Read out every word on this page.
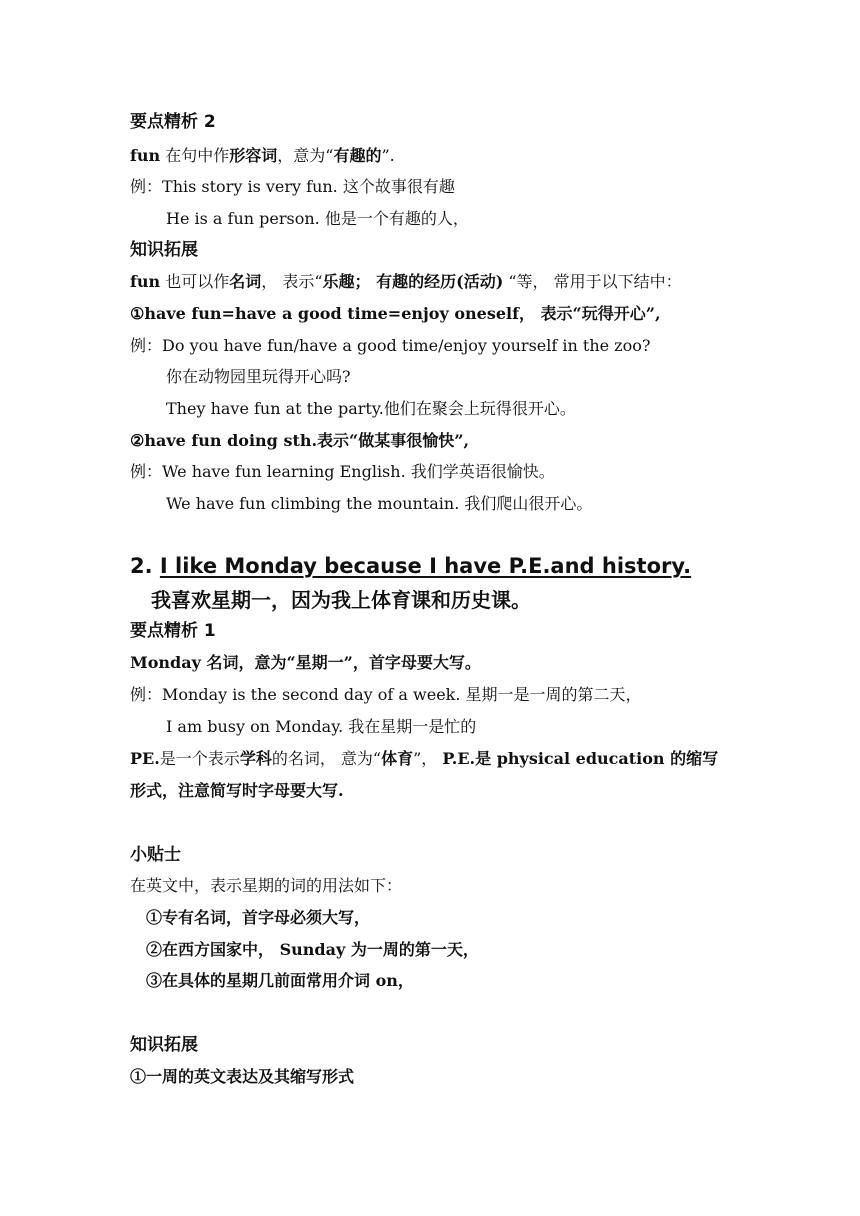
要点精析 2
fun 在句中作形容词，意为“有趣的”.
例：This story is very fun. 这个故事很有趣
He is a fun person. 他是一个有趣的人，
知识拓展
fun 也可以作名词， 表示“乐趣； 有趣的经历(活动) “等， 常用于以下结中：
①have fun=have a good time=enjoy oneself， 表示“玩得开心”,
例：Do you have fun/have a good time/enjoy yourself in the zoo?
你在动物园里玩得开心吗?
They have fun at the party.他们在聚会上玩得很开心。
②have fun doing sth.表示“做某事很愉快”,
例：We have fun learning English. 我们学英语很愉快。
We have fun climbing the mountain. 我们爬山很开心。
2. I like Monday because I have P.E.and history.
我喜欢星期一，因为我上体育课和历史课。
要点精析 1
Monday 名词，意为“星期一”，首字母要大写。
例：Monday is the second day of a week. 星期一是一周的第二天，
I am busy on Monday. 我在星期一是忙的
PE.是一个表示学科的名词， 意为“体育”， P.E.是 physical education 的缩写
形式，注意简写时字母要大写.
小贴士
在英文中，表示星期的词的用法如下：
①专有名词，首字母必须大写，
②在西方国家中， Sunday 为一周的第一天，
③在具体的星期几前面常用介词 on，
知识拓展
①一周的英文表达及其缩写形式
